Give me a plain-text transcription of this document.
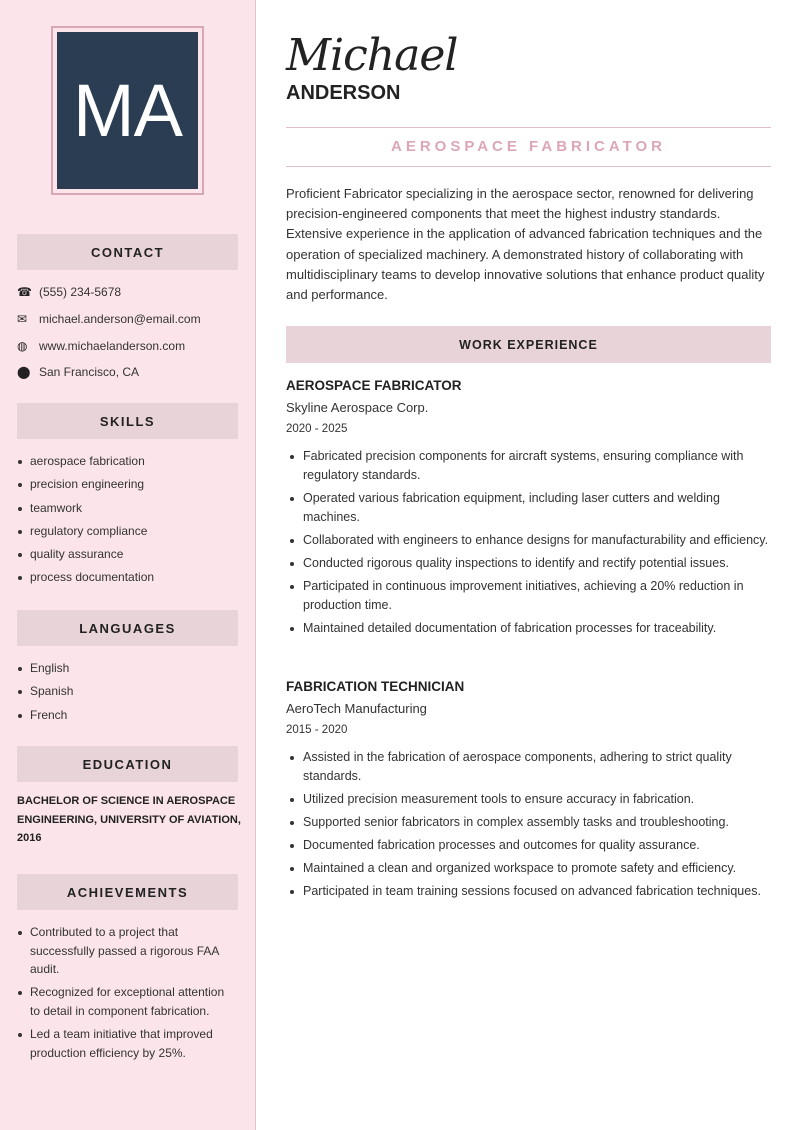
MA
CONTACT
☎ (555) 234-5678
✉ michael.anderson@email.com
◍ www.michaelanderson.com
⬤ San Francisco, CA
SKILLS
aerospace fabrication
precision engineering
teamwork
regulatory compliance
quality assurance
process documentation
LANGUAGES
English
Spanish
French
EDUCATION
BACHELOR OF SCIENCE IN AEROSPACE ENGINEERING, UNIVERSITY OF AVIATION, 2016
ACHIEVEMENTS
Contributed to a project that successfully passed a rigorous FAA audit.
Recognized for exceptional attention to detail in component fabrication.
Led a team initiative that improved production efficiency by 25%.
Michael
ANDERSON
AEROSPACE FABRICATOR
Proficient Fabricator specializing in the aerospace sector, renowned for delivering precision-engineered components that meet the highest industry standards. Extensive experience in the application of advanced fabrication techniques and the operation of specialized machinery. A demonstrated history of collaborating with multidisciplinary teams to develop innovative solutions that enhance product quality and performance.
WORK EXPERIENCE
AEROSPACE FABRICATOR
Skyline Aerospace Corp.
2020 - 2025
Fabricated precision components for aircraft systems, ensuring compliance with regulatory standards.
Operated various fabrication equipment, including laser cutters and welding machines.
Collaborated with engineers to enhance designs for manufacturability and efficiency.
Conducted rigorous quality inspections to identify and rectify potential issues.
Participated in continuous improvement initiatives, achieving a 20% reduction in production time.
Maintained detailed documentation of fabrication processes for traceability.
FABRICATION TECHNICIAN
AeroTech Manufacturing
2015 - 2020
Assisted in the fabrication of aerospace components, adhering to strict quality standards.
Utilized precision measurement tools to ensure accuracy in fabrication.
Supported senior fabricators in complex assembly tasks and troubleshooting.
Documented fabrication processes and outcomes for quality assurance.
Maintained a clean and organized workspace to promote safety and efficiency.
Participated in team training sessions focused on advanced fabrication techniques.
